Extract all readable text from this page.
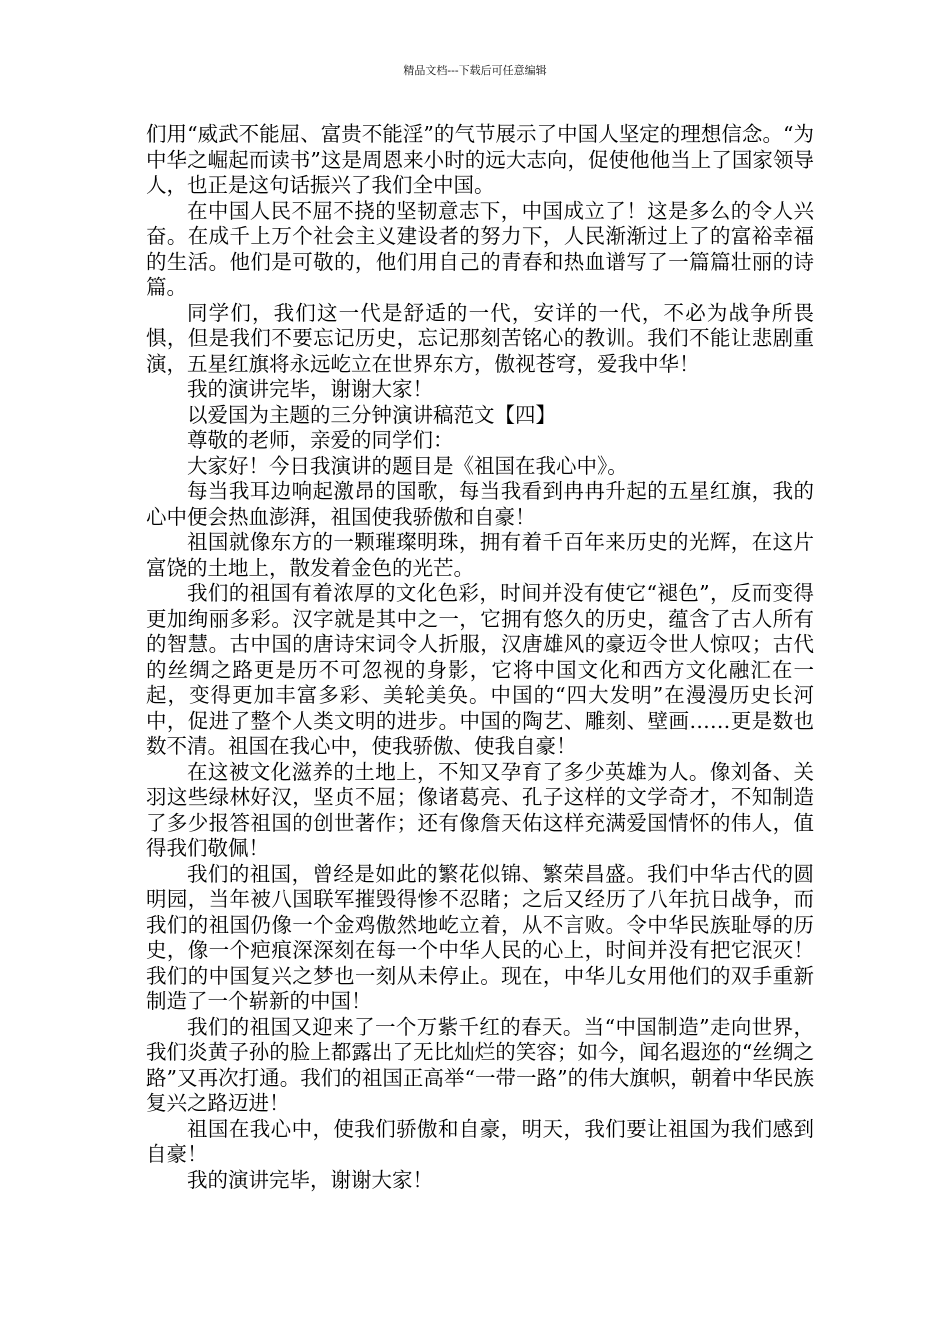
精品文档---下载后可任意编辑

们用“威武不能屈、富贵不能淫”的气节展示了中国人坚定的理想信念。“为中华之崛起而读书”这是周恩来小时的远大志向，促使他他当上了国家领导人，也正是这句话振兴了我们全中国。

在中国人民不屈不挠的坚韧意志下，中国成立了！这是多么的令人兴奋。在成千上万个社会主义建设者的努力下，人民渐渐过上了的富裕幸福的生活。他们是可敬的，他们用自己的青春和热血谱写了一篇篇壮丽的诗篇。

同学们，我们这一代是舒适的一代，安详的一代，不必为战争所畏惧，但是我们不要忘记历史，忘记那刻苦铭心的教训。我们不能让悲剧重演，五星红旗将永远屹立在世界东方，傲视苍穹，爱我中华！

我的演讲完毕，谢谢大家！

以爱国为主题的三分钟演讲稿范文【四】

尊敬的老师，亲爱的同学们：

大家好！今日我演讲的题目是《祖国在我心中》。

每当我耳边响起激昂的国歌，每当我看到冉冉升起的五星红旗，我的心中便会热血澎湃，祖国使我骄傲和自豪！

祖国就像东方的一颗璀璨明珠，拥有着千百年来历史的光辉，在这片富饶的土地上，散发着金色的光芒。

我们的祖国有着浓厚的文化色彩，时间并没有使它“褪色”，反而变得更加绚丽多彩。汉字就是其中之一，它拥有悠久的历史，蕴含了古人所有的智慧。古中国的唐诗宋词令人折服，汉唐雄风的豪迈令世人惊叹；古代的丝绸之路更是历不可忽视的身影，它将中国文化和西方文化融汇在一起，变得更加丰富多彩、美轮美奂。中国的“四大发明”在漫漫历史长河中，促进了整个人类文明的进步。中国的陶艺、雕刻、壁画……更是数也数不清。祖国在我心中，使我骄傲、使我自豪！

在这被文化滋养的土地上，不知又孕育了多少英雄为人。像刘备、关羽这些绿林好汉，坚贞不屈；像诸葛亮、孔子这样的文学奇才，不知制造了多少报答祖国的创世著作；还有像詹天佑这样充满爱国情怀的伟人，值得我们敬佩！

我们的祖国，曾经是如此的繁花似锦、繁荣昌盛。我们中华古代的圆明园，当年被八国联军摧毁得惨不忍睹；之后又经历了八年抗日战争，而我们的祖国仍像一个金鸡傲然地屹立着，从不言败。令中华民族耻辱的历史，像一个疤痕深深刻在每一个中华人民的心上，时间并没有把它泯灭！我们的中国复兴之梦也一刻从未停止。现在，中华儿女用他们的双手重新制造了一个崭新的中国！

我们的祖国又迎来了一个万紫千红的春天。当“中国制造”走向世界，我们炎黄子孙的脸上都露出了无比灿烂的笑容；如今，闻名遐迩的“丝绸之路”又再次打通。我们的祖国正高举“一带一路”的伟大旗帜，朝着中华民族复兴之路迈进！

祖国在我心中，使我们骄傲和自豪，明天，我们要让祖国为我们感到自豪！

我的演讲完毕，谢谢大家！
